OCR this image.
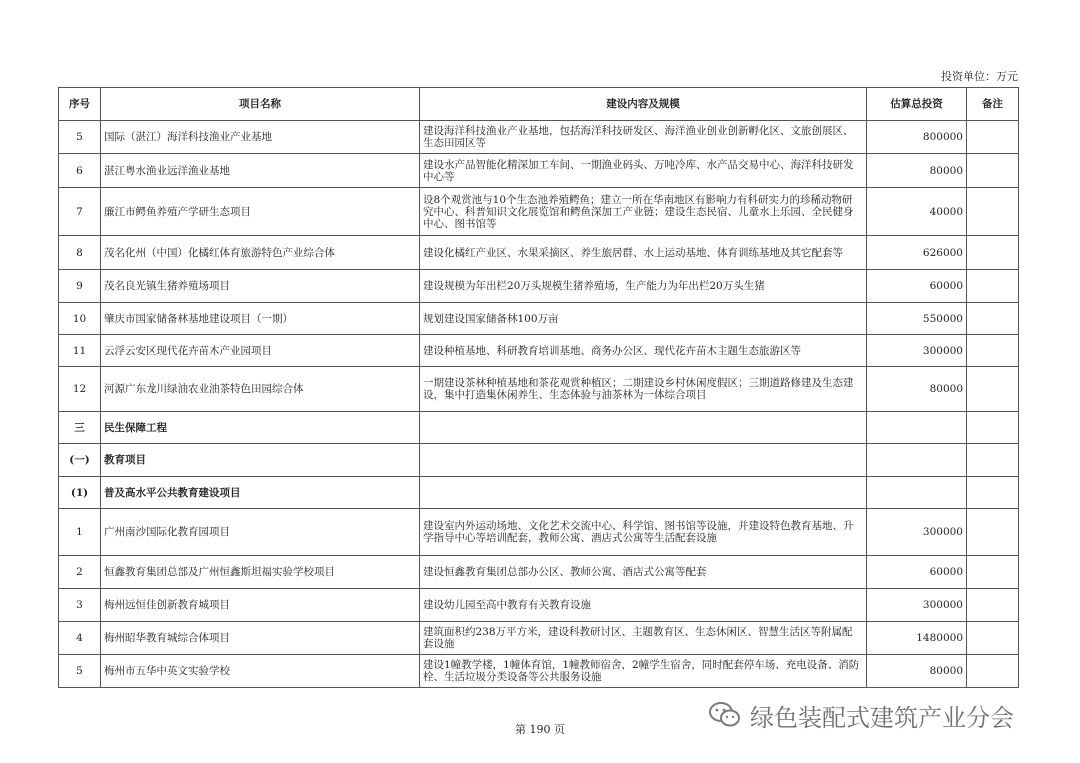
投资单位：万元
序号	项目名称	建设内容及规模	估算总投资	备注
5	国际（湛江）海洋科技渔业产业基地	建设海洋科技渔业产业基地，包括海洋科技研发区、海洋渔业创业创新孵化区、文旅创展区、生态田园区等	800000	
6	湛江粤水渔业远洋渔业基地	建设水产品智能化精深加工车间、一期渔业码头、万吨冷库、水产品交易中心、海洋科技研发中心等	80000	
7	廉江市鳄鱼养殖产学研生态项目	设8个观赏池与10个生态池养殖鳄鱼；建立一所在华南地区有影响力有科研实力的珍稀动物研究中心、科普知识文化展览馆和鳄鱼深加工产业链；建设生态民宿、儿童水上乐园、全民健身中心、图书馆等	40000	
8	茂名化州（中国）化橘红体育旅游特色产业综合体	建设化橘红产业区、水果采摘区、养生旅居群、水上运动基地、体育训练基地及其它配套等	626000	
9	茂名良光镇生猪养殖场项目	建设规模为年出栏20万头规模生猪养殖场，生产能力为年出栏20万头生猪	60000	
10	肇庆市国家储备林基地建设项目（一期）	规划建设国家储备林100万亩	550000	
11	云浮云安区现代花卉苗木产业园项目	建设种植基地、科研教育培训基地、商务办公区、现代花卉苗木主题生态旅游区等	300000	
12	河源广东龙川绿油农业油茶特色田园综合体	一期建设茶林种植基地和茶花观赏种植区；二期建设乡村休闲度假区；三期道路修建及生态建设，集中打造集休闲养生、生态体验与油茶林为一体综合项目	80000	
三	民生保障工程			
(一)	教育项目			
(1)	普及高水平公共教育建设项目			
1	广州南沙国际化教育园项目	建设室内外运动场地、文化艺术交流中心、科学馆、图书馆等设施，并建设特色教育基地、升学指导中心等培训配套，教师公寓、酒店式公寓等生活配套设施	300000	
2	恒鑫教育集团总部及广州恒鑫斯坦福实验学校项目	建设恒鑫教育集团总部办公区、教师公寓、酒店式公寓等配套	60000	
3	梅州远恒佳创新教育城项目	建设幼儿园至高中教育有关教育设施	300000	
4	梅州昭华教育城综合体项目	建筑面积约238万平方米，建设科教研讨区、主题教育区、生态休闲区、智慧生活区等附属配套设施	1480000	
5	梅州市五华中英文实验学校	建设1幢教学楼，1幢体育馆，1幢教师宿舍，2幢学生宿舍，同时配套停车场、充电设备、消防栓、生活垃圾分类设备等公共服务设施	80000	
第 190 页	绿色装配式建筑产业分会
